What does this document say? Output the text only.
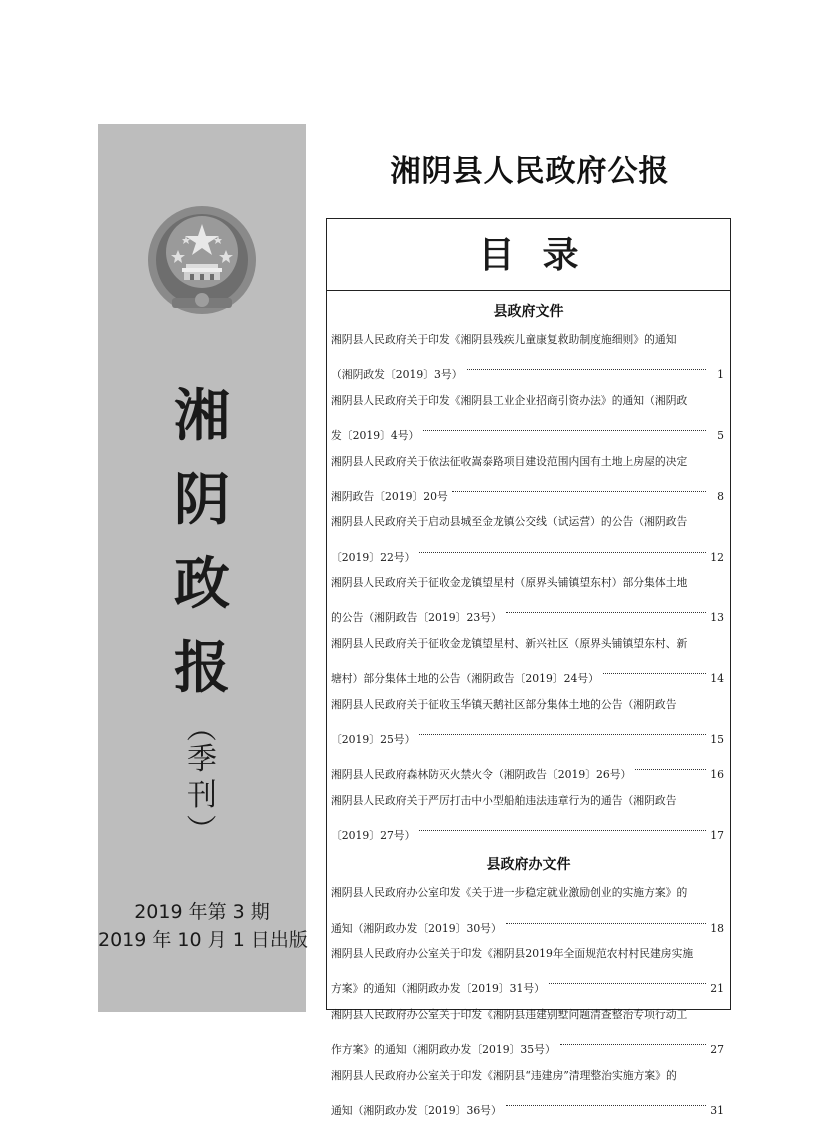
湘
阴
政
报
（
季
刊
）
2019 年第 3 期
2019 年 10 月 1 日出版
湘阴县人民政府公报
目录
县政府文件
湘阴县人民政府关于印发《湘阴县残疾儿童康复救助制度施细则》的通知
（湘阴政发〔2019〕3号）	1
湘阴县人民政府关于印发《湘阴县工业企业招商引资办法》的通知（湘阴政
发〔2019〕4号）	5
湘阴县人民政府关于依法征收嵩泰路项目建设范围内国有土地上房屋的决定
湘阴政告〔2019〕20号	8
湘阴县人民政府关于启动县城至金龙镇公交线（试运营）的公告（湘阴政告
〔2019〕22号）	12
湘阴县人民政府关于征收金龙镇望星村（原界头铺镇望东村）部分集体土地
的公告（湘阴政告〔2019〕23号）	13
湘阴县人民政府关于征收金龙镇望星村、新兴社区（原界头铺镇望东村、新
塘村）部分集体土地的公告（湘阴政告〔2019〕24号）	14
湘阴县人民政府关于征收玉华镇天鹅社区部分集体土地的公告（湘阴政告
〔2019〕25号）	15
湘阴县人民政府森林防灭火禁火令（湘阴政告〔2019〕26号）	16
湘阴县人民政府关于严厉打击中小型船舶违法违章行为的通告（湘阴政告
〔2019〕27号）	17
县政府办文件
湘阴县人民政府办公室印发《关于进一步稳定就业激励创业的实施方案》的
通知（湘阴政办发〔2019〕30号）	18
湘阴县人民政府办公室关于印发《湘阴县2019年全面规范农村村民建房实施
方案》的通知（湘阴政办发〔2019〕31号）	21
湘阴县人民政府办公室关于印发《湘阴县违建别墅问题清查整治专项行动工
作方案》的通知（湘阴政办发〔2019〕35号）	27
湘阴县人民政府办公室关于印发《湘阴县“违建房”清理整治实施方案》的
通知（湘阴政办发〔2019〕36号）	31
